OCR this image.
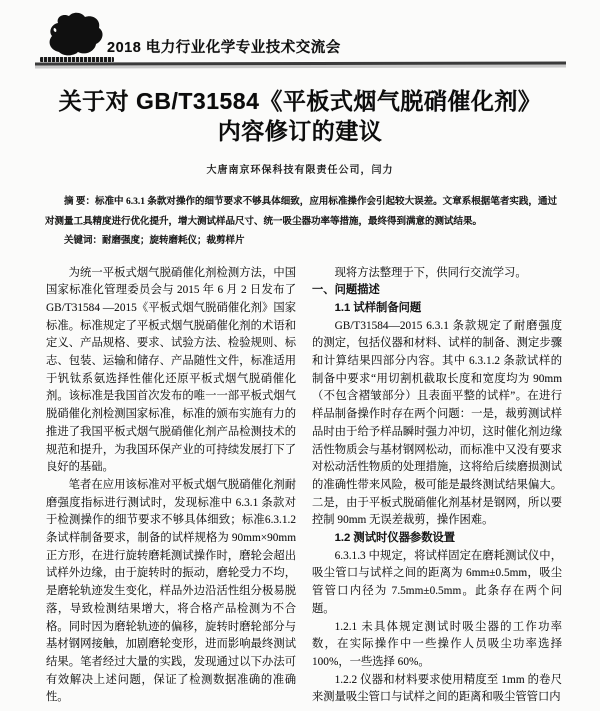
2018 电力行业化学专业技术交流会
关于对 GB/T31584《平板式烟气脱硝催化剂》
内容修订的建议
大唐南京环保科技有限责任公司，闫力

摘 要：标准中 6.3.1 条款对操作的细节要求不够具体细致，应用标准操作会引起较大误差。文章系根据笔者实践，通过对测量工具精度进行优化提升，增大测试样品尺寸、统一吸尘器功率等措施，最终得到满意的测试结果。

关键词：耐磨强度；旋转磨耗仪；裁剪样片

为统一平板式烟气脱硝催化剂检测方法，中国国家标准化管理委员会与 2015 年 6 月 2 日发布了 GB/T31584 —2015《平板式烟气脱硝催化剂》国家标准。标准规定了平板式烟气脱硝催化剂的术语和定义、产品规格、要求、试验方法、检验规则、标志、包装、运输和储存、产品随性文件，标准适用于钒钛系氨选择性催化还原平板式烟气脱硝催化剂。该标准是我国首次发布的唯一一部平板式烟气脱硝催化剂检测国家标准，标准的颁布实施有力的推进了我国平板式烟气脱硝催化剂产品检测技术的规范和提升，为我国环保产业的可持续发展打下了良好的基础。

笔者在应用该标准对平板式烟气脱硝催化剂耐磨强度指标进行测试时，发现标准中 6.3.1 条款对于检测操作的细节要求不够具体细致；标准6.3.1.2 条试样制备要求，制备的试样规格为 90mm×90mm 正方形，在进行旋转磨耗测试操作时，磨轮会超出试样外边缘，由于旋转时的振动，磨轮受力不均，是磨轮轨迹发生变化，样品外边沿活性组分极易脱落，导致检测结果增大，将合格产品检测为不合格。同时因为磨轮轨迹的偏移，旋转时磨轮部分与基材钢网接触，加剧磨轮变形，进而影响最终测试结果。笔者经过大量的实践，发现通过以下办法可有效解决上述问题，保证了检测数据准确的准确性。

现将方法整理于下，供同行交流学习。

一、问题描述

1.1 试样制备问题

GB/T31584—2015 6.3.1 条款规定了耐磨强度的测定，包括仪器和材料、试样的制备、测定步骤和计算结果四部分内容。其中 6.3.1.2 条款试样的制备中要求“用切割机截取长度和宽度均为 90mm（不包含褶皱部分）且表面平整的试样”。在进行样品制备操作时存在两个问题：一是，裁剪测试样品时由于给予样品瞬时强力冲切，这时催化剂边缘活性物质会与基材钢网松动，而标准中又没有要求对松动活性物质的处理措施，这将给后续磨损测试的准确性带来风险，极可能是最终测试结果偏大。二是，由于平板式脱硝催化剂基材是钢网，所以要控制 90mm 无误差裁剪，操作困难。

1.2 测试时仪器参数设置

6.3.1.3 中规定，将试样固定在磨耗测试仪中，吸尘管口与试样之间的距离为 6mm±0.5mm，吸尘管管口内径为 7.5mm±0.5mm。此条存在两个问题。

1.2.1 未具体规定测试时吸尘器的工作功率数，在实际操作中一些操作人员吸尘功率选择 100%，一些选择 60%。

1.2.2 仪器和材料要求使用精度至 1mm 的卷尺来测量吸尘管口与试样之间的距离和吸尘管管口内
